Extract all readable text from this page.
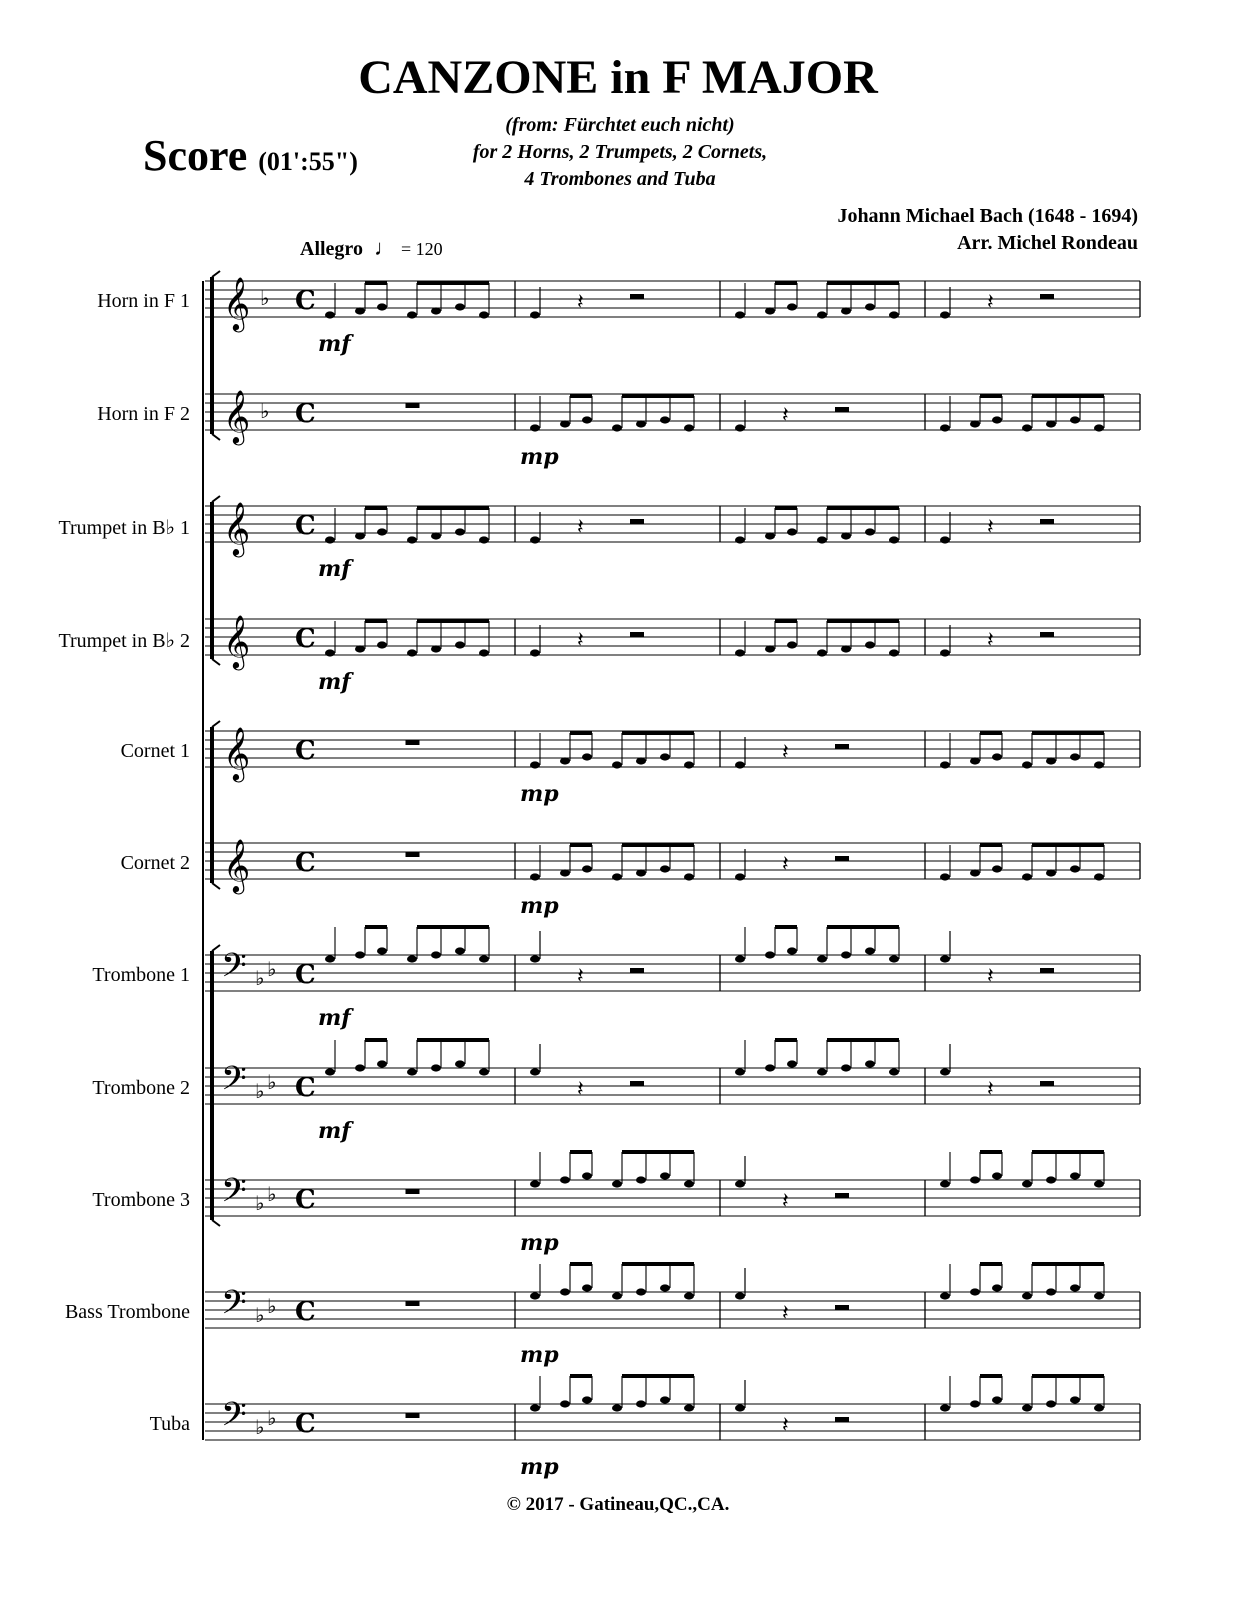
CANZONE in F MAJOR
(from: Fürchtet euch nicht)
for 2 Horns, 2 Trumpets, 2 Cornets,
4 Trombones and Tuba
Score (01':55")
Johann Michael Bach (1648 - 1694)
Arr. Michel Rondeau
Allegro ♩ = 120
Horn in F 1
Horn in F 2
Trumpet in B♭ 1
Trumpet in B♭ 2
Cornet 1
Cornet 2
Trombone 1
Trombone 2
Trombone 3
Bass Trombone
Tuba
𝄞 ♭ C	𝄽	𝄽
mf
𝄞 ♭ C	𝄽
mp
𝄞 C	𝄽	𝄽
mf
𝄞 C	𝄽	𝄽
mf
𝄞 C	𝄽
mp
𝄞 C	𝄽
mp
𝄢 ♭ ♭ C	𝄽	𝄽
mf
𝄢 ♭ ♭ C	𝄽	𝄽
mf
𝄢 ♭ ♭ C	𝄽
mp
𝄢 ♭ ♭ C	𝄽
mp
𝄢 ♭ ♭ C	𝄽
mp
© 2017 - Gatineau,QC.,CA.
